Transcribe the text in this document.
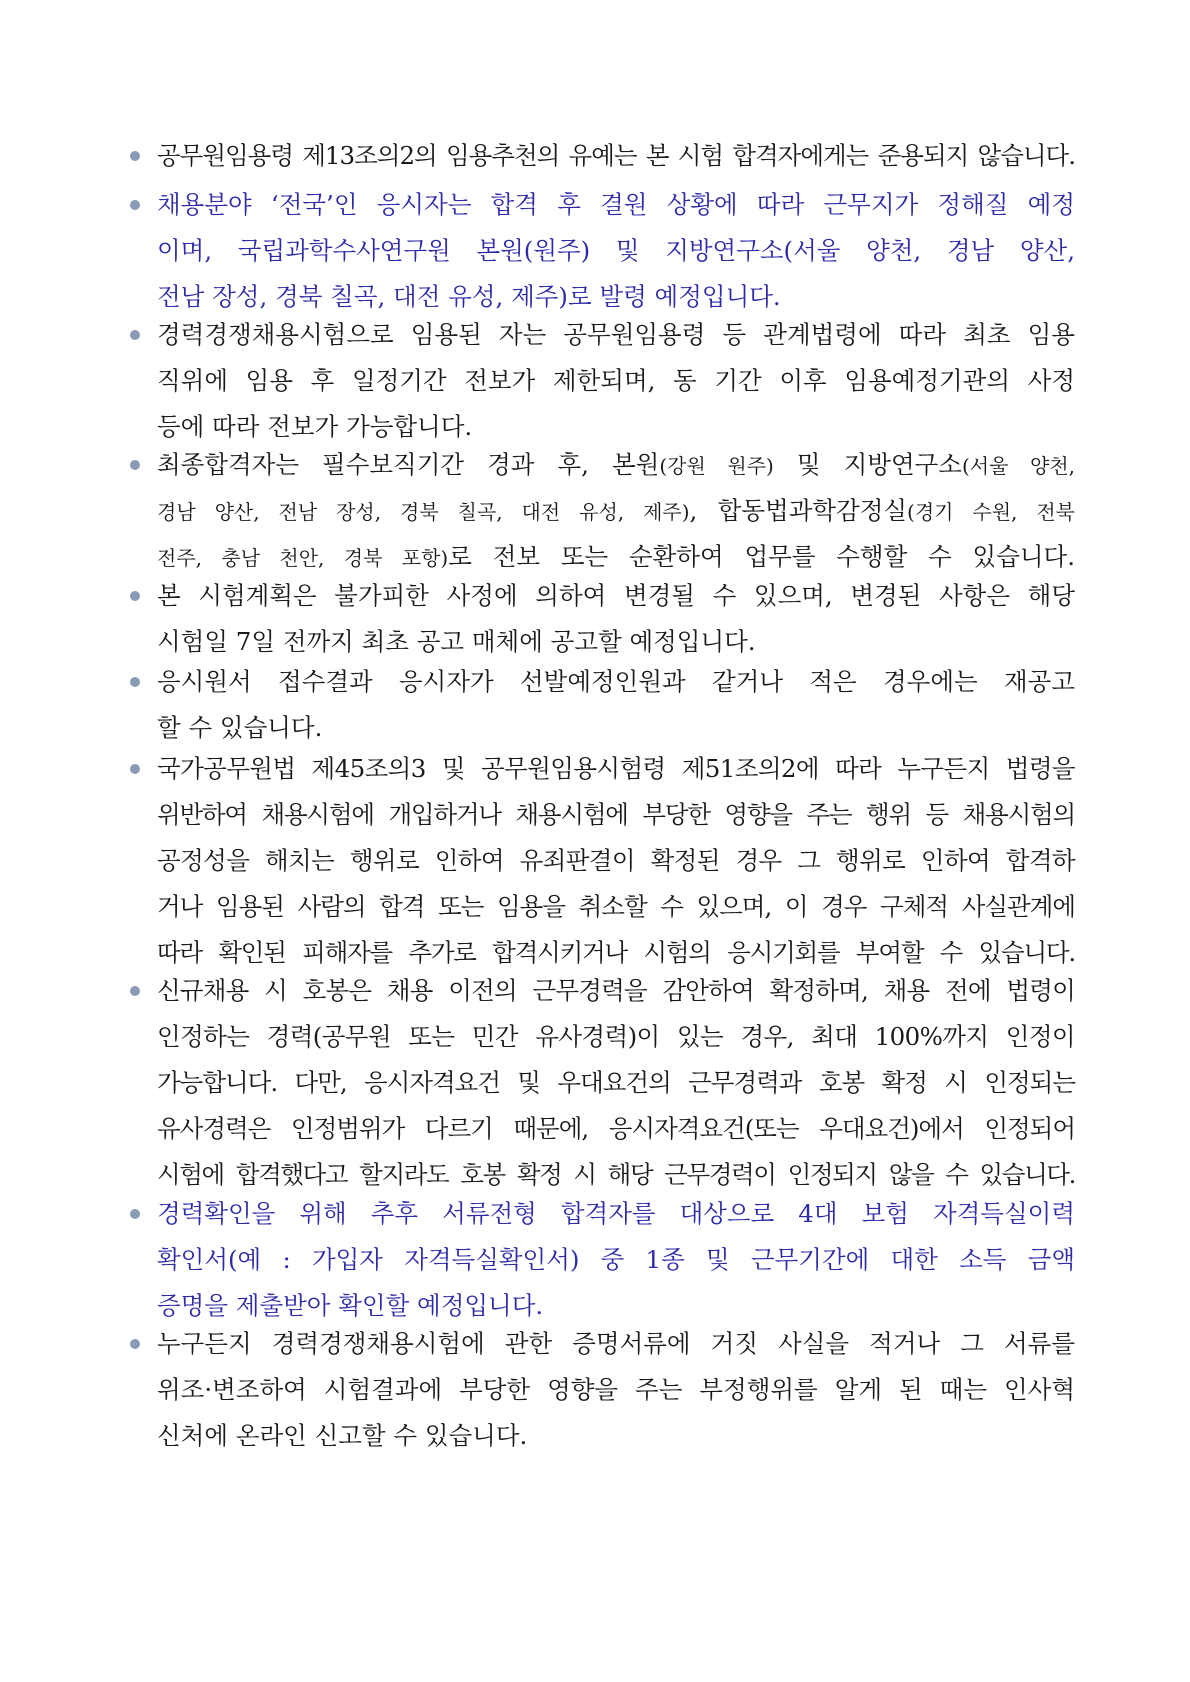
공무원임용령 제13조의2의 임용추천의 유예는 본 시험 합격자에게는 준용되지 않습니다.
채용분야 ‘전국’인 응시자는 합격 후 결원 상황에 따라 근무지가 정해질 예정
이며, 국립과학수사연구원 본원(원주) 및 지방연구소(서울 양천, 경남 양산,
전남 장성, 경북 칠곡, 대전 유성, 제주)로 발령 예정입니다.
경력경쟁채용시험으로 임용된 자는 공무원임용령 등 관계법령에 따라 최초 임용
직위에 임용 후 일정기간 전보가 제한되며, 동 기간 이후 임용예정기관의 사정
등에 따라 전보가 가능합니다.
최종합격자는 필수보직기간 경과 후, 본원(강원 원주) 및 지방연구소(서울 양천,
경남 양산, 전남 장성, 경북 칠곡, 대전 유성, 제주), 합동법과학감정실(경기 수원, 전북
전주, 충남 천안, 경북 포항)로 전보 또는 순환하여 업무를 수행할 수 있습니다.
본 시험계획은 불가피한 사정에 의하여 변경될 수 있으며, 변경된 사항은 해당
시험일 7일 전까지 최초 공고 매체에 공고할 예정입니다.
응시원서 접수결과 응시자가 선발예정인원과 같거나 적은 경우에는 재공고
할 수 있습니다.
국가공무원법 제45조의3 및 공무원임용시험령 제51조의2에 따라 누구든지 법령을
위반하여 채용시험에 개입하거나 채용시험에 부당한 영향을 주는 행위 등 채용시험의
공정성을 해치는 행위로 인하여 유죄판결이 확정된 경우 그 행위로 인하여 합격하
거나 임용된 사람의 합격 또는 임용을 취소할 수 있으며, 이 경우 구체적 사실관계에
따라 확인된 피해자를 추가로 합격시키거나 시험의 응시기회를 부여할 수 있습니다.
신규채용 시 호봉은 채용 이전의 근무경력을 감안하여 확정하며, 채용 전에 법령이
인정하는 경력(공무원 또는 민간 유사경력)이 있는 경우, 최대 100%까지 인정이
가능합니다. 다만, 응시자격요건 및 우대요건의 근무경력과 호봉 확정 시 인정되는
유사경력은 인정범위가 다르기 때문에, 응시자격요건(또는 우대요건)에서 인정되어
시험에 합격했다고 할지라도 호봉 확정 시 해당 근무경력이 인정되지 않을 수 있습니다.
경력확인을 위해 추후 서류전형 합격자를 대상으로 4대 보험 자격득실이력
확인서(예 : 가입자 자격득실확인서) 중 1종 및 근무기간에 대한 소득 금액
증명을 제출받아 확인할 예정입니다.
누구든지 경력경쟁채용시험에 관한 증명서류에 거짓 사실을 적거나 그 서류를
위조·변조하여 시험결과에 부당한 영향을 주는 부정행위를 알게 된 때는 인사혁
신처에 온라인 신고할 수 있습니다.
